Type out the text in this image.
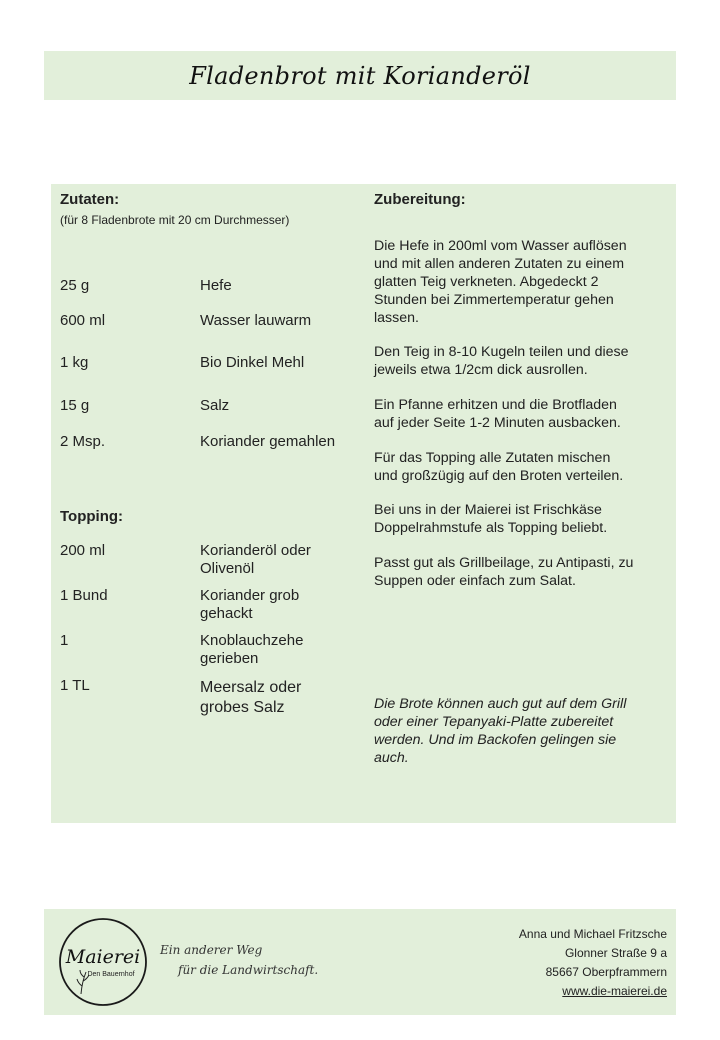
Fladenbrot mit Korianderöl
Zutaten:
(für 8 Fladenbrote mit 20 cm Durchmesser)
25 g	Hefe
600 ml	Wasser lauwarm
1 kg	Bio Dinkel Mehl
15 g	Salz
2 Msp.	Koriander gemahlen
Topping:
200 ml	Korianderöl oder
Olivenöl
1 Bund	Koriander grob
gehackt
1	Knoblauchzehe
gerieben
1 TL	Meersalz oder
grobes Salz
Zubereitung:
Die Hefe in 200ml vom Wasser auflösen
und mit allen anderen Zutaten zu einem
glatten Teig verkneten. Abgedeckt 2
Stunden bei Zimmertemperatur gehen
lassen.
Den Teig in 8-10 Kugeln teilen und diese
jeweils etwa 1/2cm dick ausrollen.
Ein Pfanne erhitzen und die Brotfladen
auf jeder Seite 1-2 Minuten ausbacken.
Für das Topping alle Zutaten mischen
und großzügig auf den Broten verteilen.
Bei uns in der Maierei ist Frischkäse
Doppelrahmstufe als Topping beliebt.
Passt gut als Grillbeilage, zu Antipasti, zu
Suppen oder einfach zum Salat.
Die Brote können auch gut auf dem Grill
oder einer Tepanyaki-Platte zubereitet
werden. Und im Backofen gelingen sie
auch.
Maierei
Den Bauernhof
Ein anderer Weg
für die Landwirtschaft.
Anna und Michael Fritzsche
Glonner Straße 9 a
85667 Oberpframmern
www.die-maierei.de
